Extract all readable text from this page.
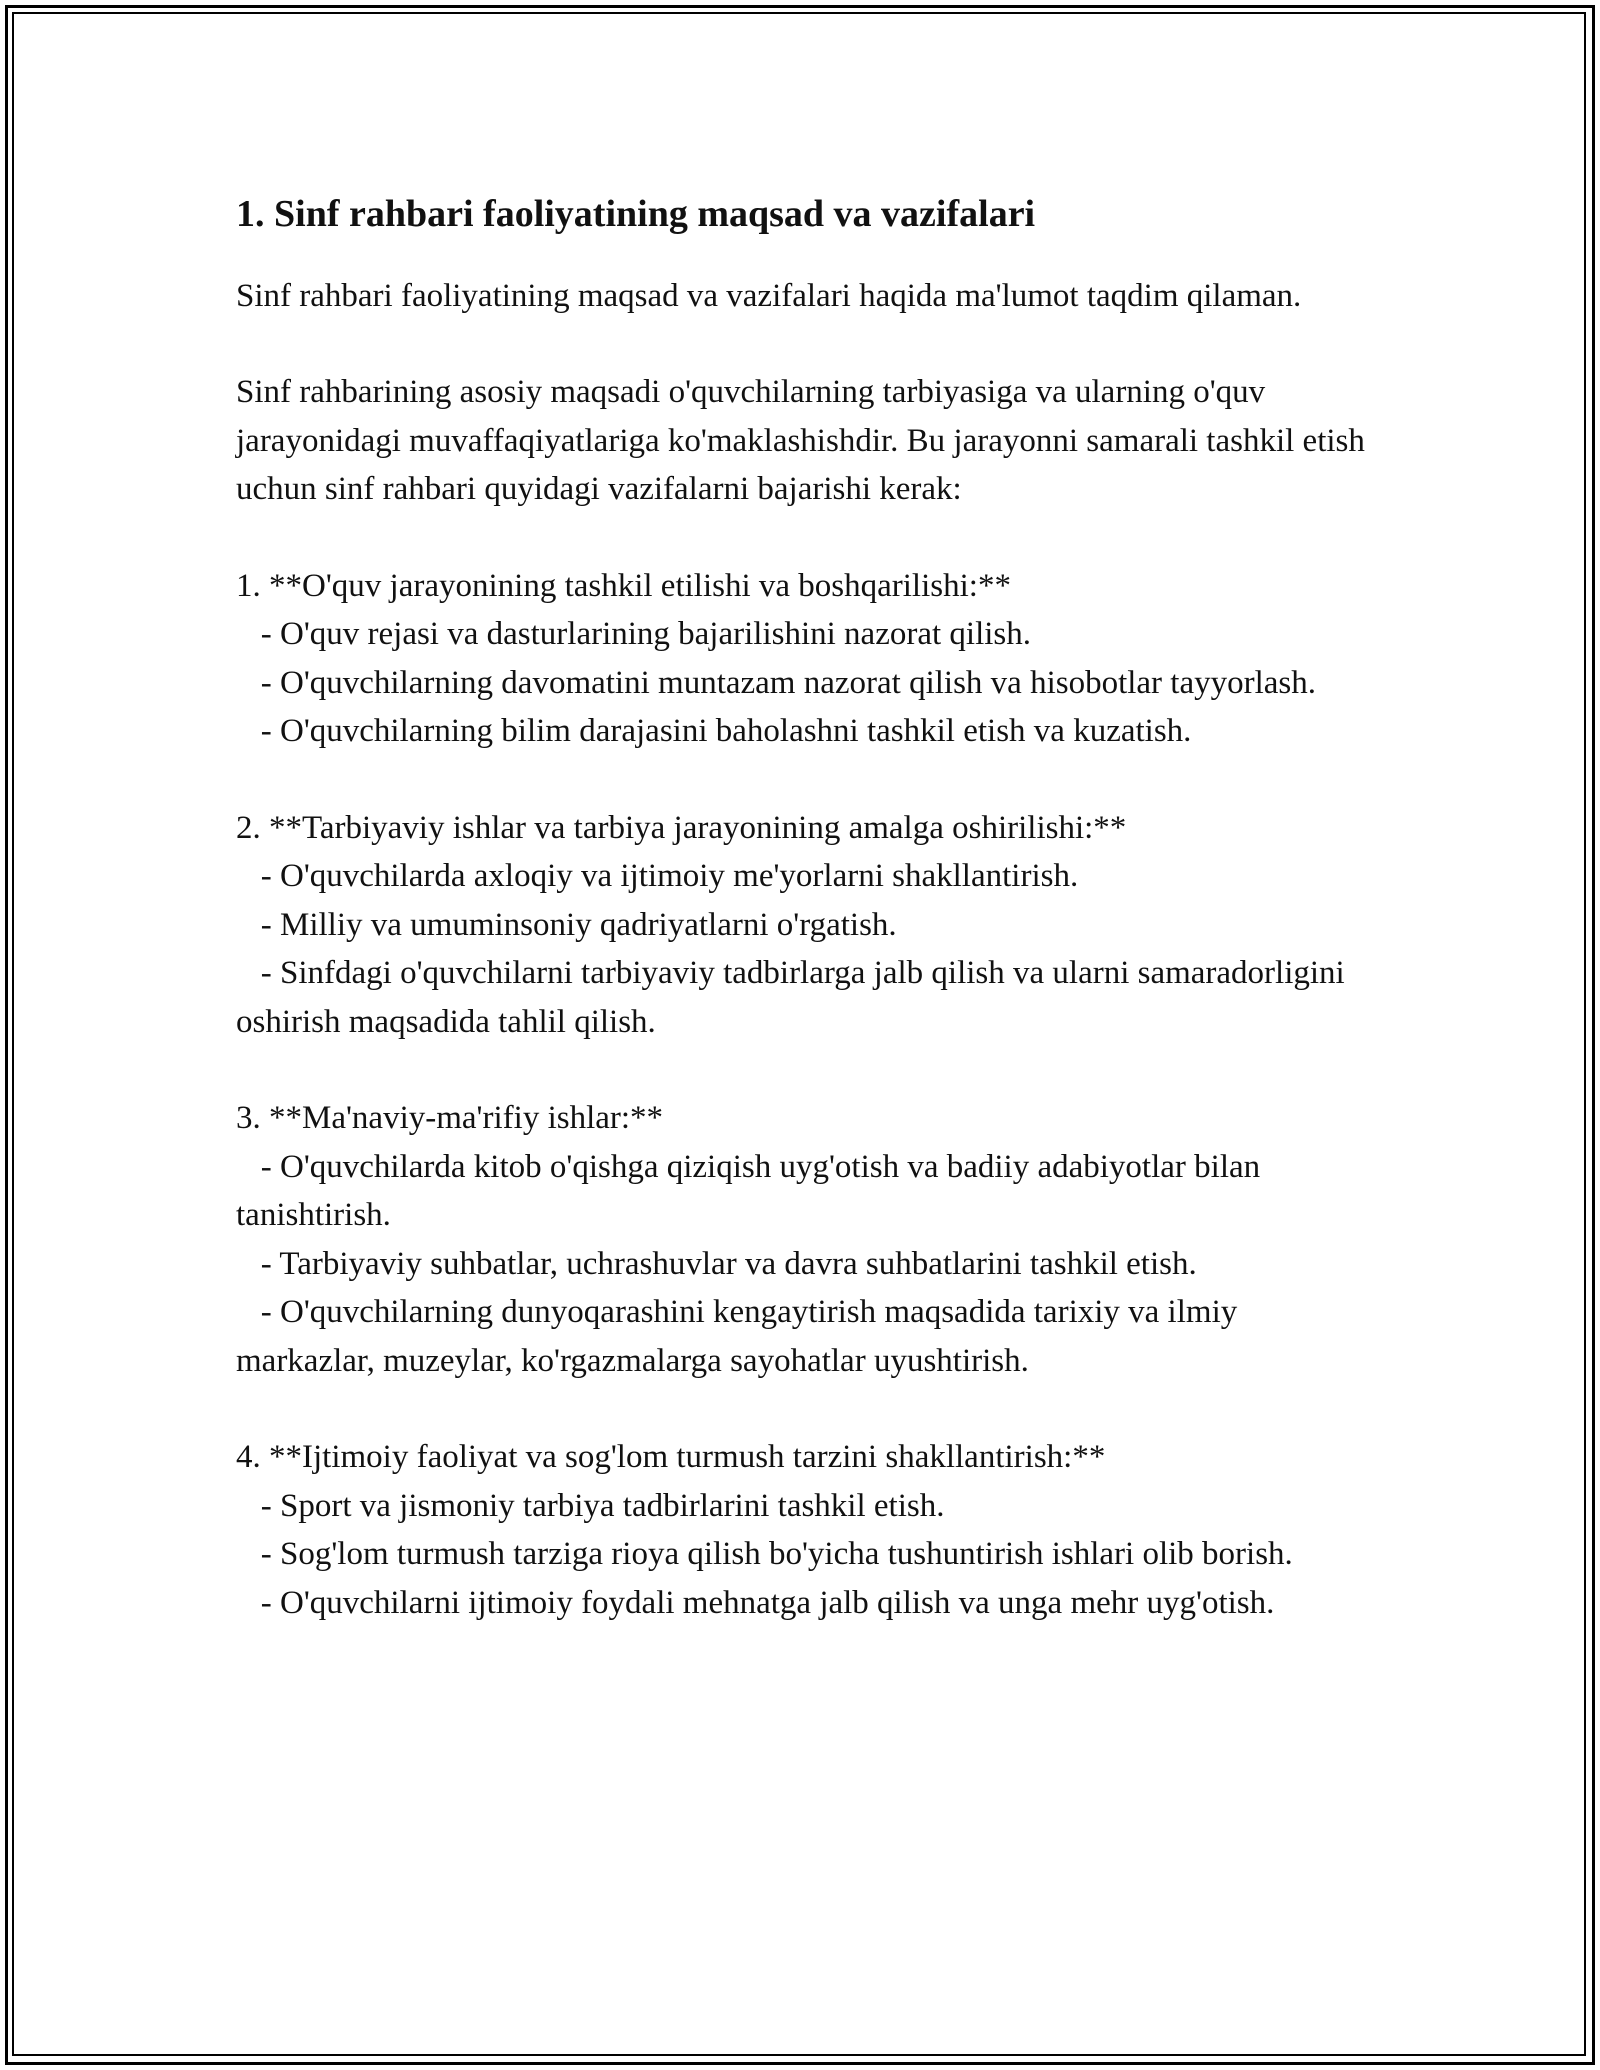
1. Sinf rahbari faoliyatining maqsad va vazifalari

Sinf rahbari faoliyatining maqsad va vazifalari haqida ma'lumot taqdim qilaman.

Sinf rahbarining asosiy maqsadi o'quvchilarning tarbiyasiga va ularning o'quv jarayonidagi muvaffaqiyatlariga ko'maklashishdir. Bu jarayonni samarali tashkil etish uchun sinf rahbari quyidagi vazifalarni bajarishi kerak:

1. **O'quv jarayonining tashkil etilishi va boshqarilishi:**
- O'quv rejasi va dasturlarining bajarilishini nazorat qilish.
- O'quvchilarning davomatini muntazam nazorat qilish va hisobotlar tayyorlash.
- O'quvchilarning bilim darajasini baholashni tashkil etish va kuzatish.
2. **Tarbiyaviy ishlar va tarbiya jarayonining amalga oshirilishi:**
- O'quvchilarda axloqiy va ijtimoiy me'yorlarni shakllantirish.
- Milliy va umuminsoniy qadriyatlarni o'rgatish.
- Sinfdagi o'quvchilarni tarbiyaviy tadbirlarga jalb qilish va ularni samaradorligini oshirish maqsadida tahlil qilish.
3. **Ma'naviy-ma'rifiy ishlar:**
- O'quvchilarda kitob o'qishga qiziqish uyg'otish va badiiy adabiyotlar bilan tanishtirish.
- Tarbiyaviy suhbatlar, uchrashuvlar va davra suhbatlarini tashkil etish.
- O'quvchilarning dunyoqarashini kengaytirish maqsadida tarixiy va ilmiy markazlar, muzeylar, ko'rgazmalarga sayohatlar uyushtirish.
4. **Ijtimoiy faoliyat va sog'lom turmush tarzini shakllantirish:**
- Sport va jismoniy tarbiya tadbirlarini tashkil etish.
- Sog'lom turmush tarziga rioya qilish bo'yicha tushuntirish ishlari olib borish.
- O'quvchilarni ijtimoiy foydali mehnatga jalb qilish va unga mehr uyg'otish.
